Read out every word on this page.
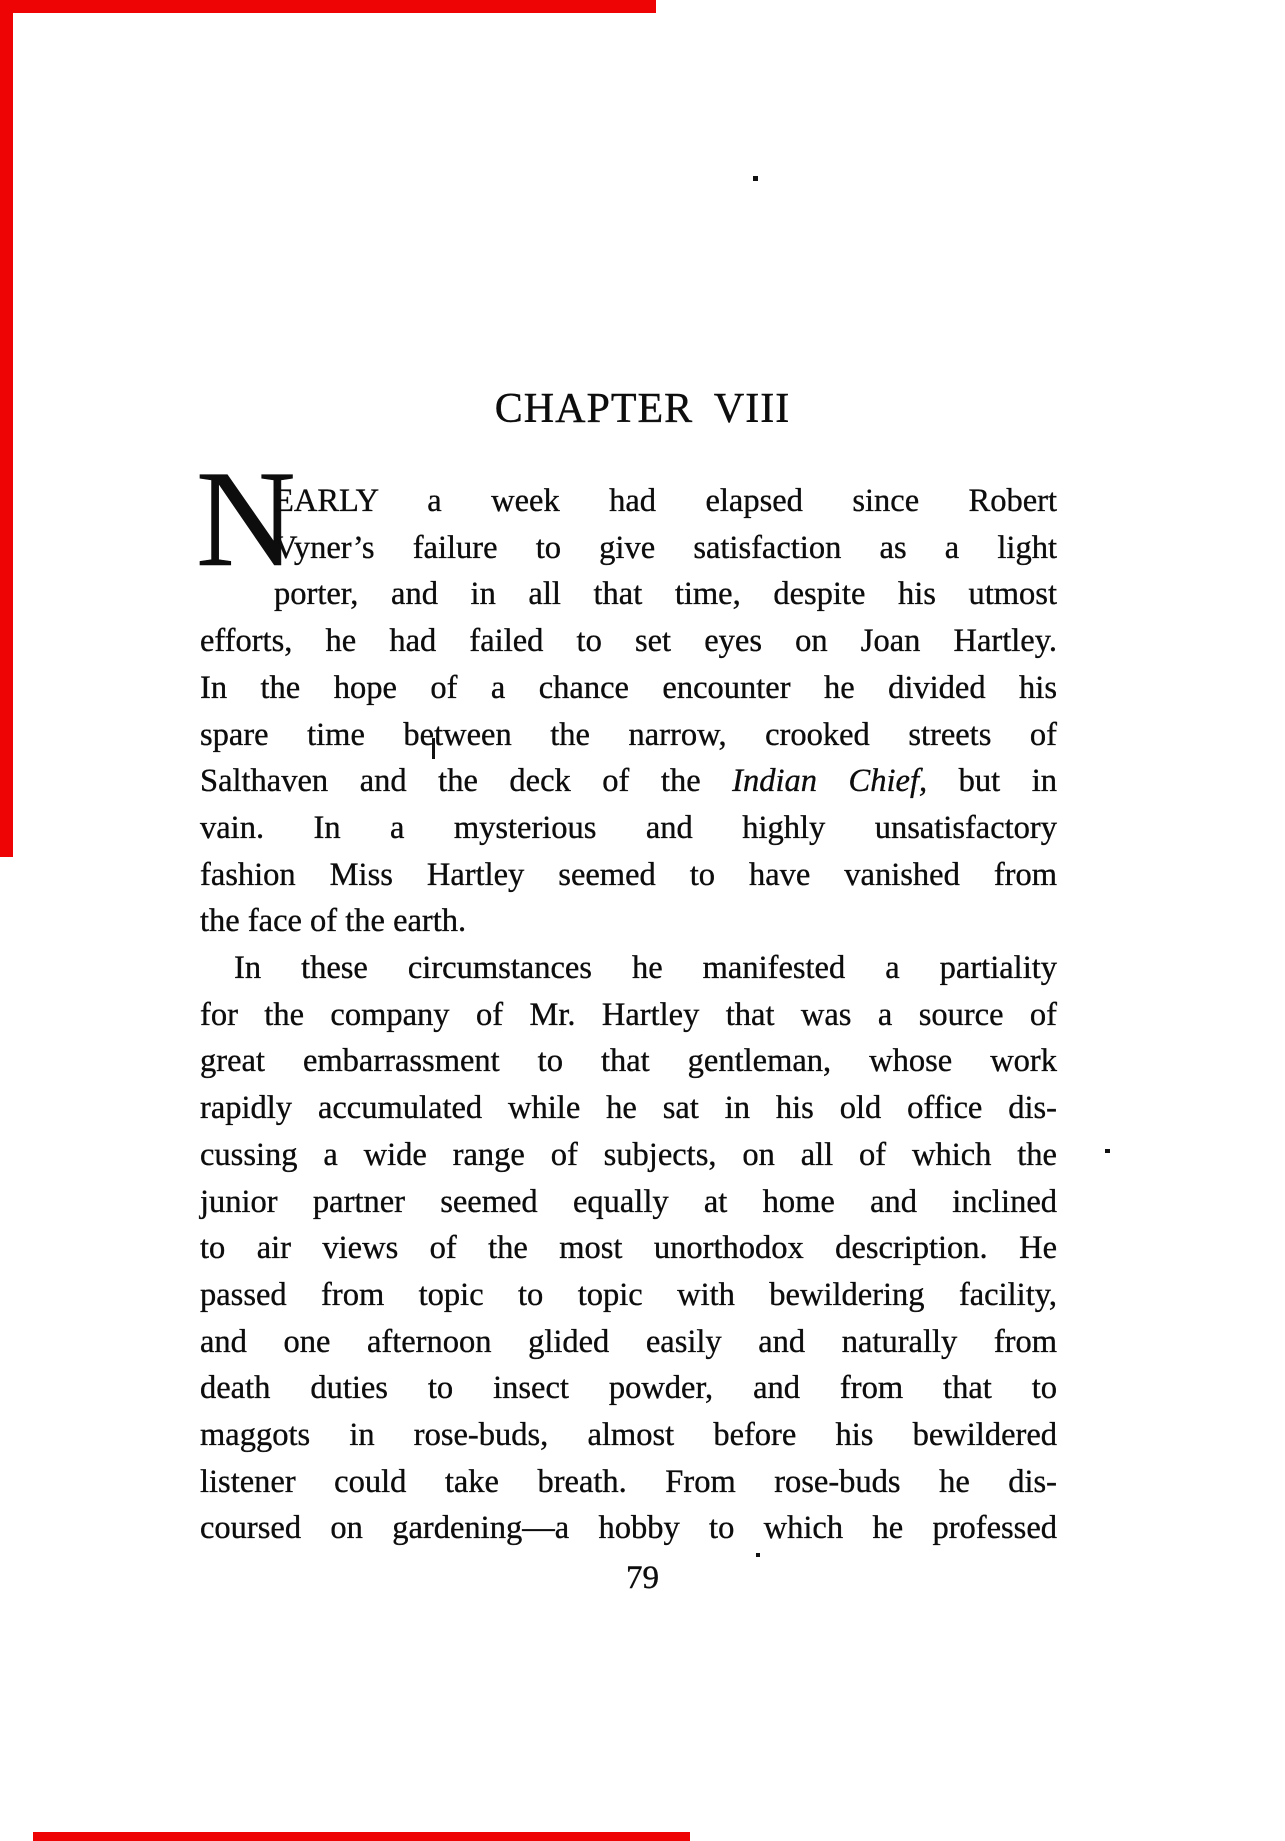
CHAPTER VIII
N
EARLY a week had elapsed since Robert
Vyner’s failure to give satisfaction as a light
porter, and in all that time, despite his utmost
efforts, he had failed to set eyes on Joan Hartley.
In the hope of a chance encounter he divided his
spare time between the narrow, crooked streets of
Salthaven and the deck of the Indian Chief, but in
vain. In a mysterious and highly unsatisfactory
fashion Miss Hartley seemed to have vanished from
the face of the earth.
In these circumstances he manifested a partiality
for the company of Mr. Hartley that was a source of
great embarrassment to that gentleman, whose work
rapidly accumulated while he sat in his old office dis-
cussing a wide range of subjects, on all of which the
junior partner seemed equally at home and inclined
to air views of the most unorthodox description. He
passed from topic to topic with bewildering facility,
and one afternoon glided easily and naturally from
death duties to insect powder, and from that to
maggots in rose-buds, almost before his bewildered
listener could take breath. From rose-buds he dis-
coursed on gardening—a hobby to which he professed
79
